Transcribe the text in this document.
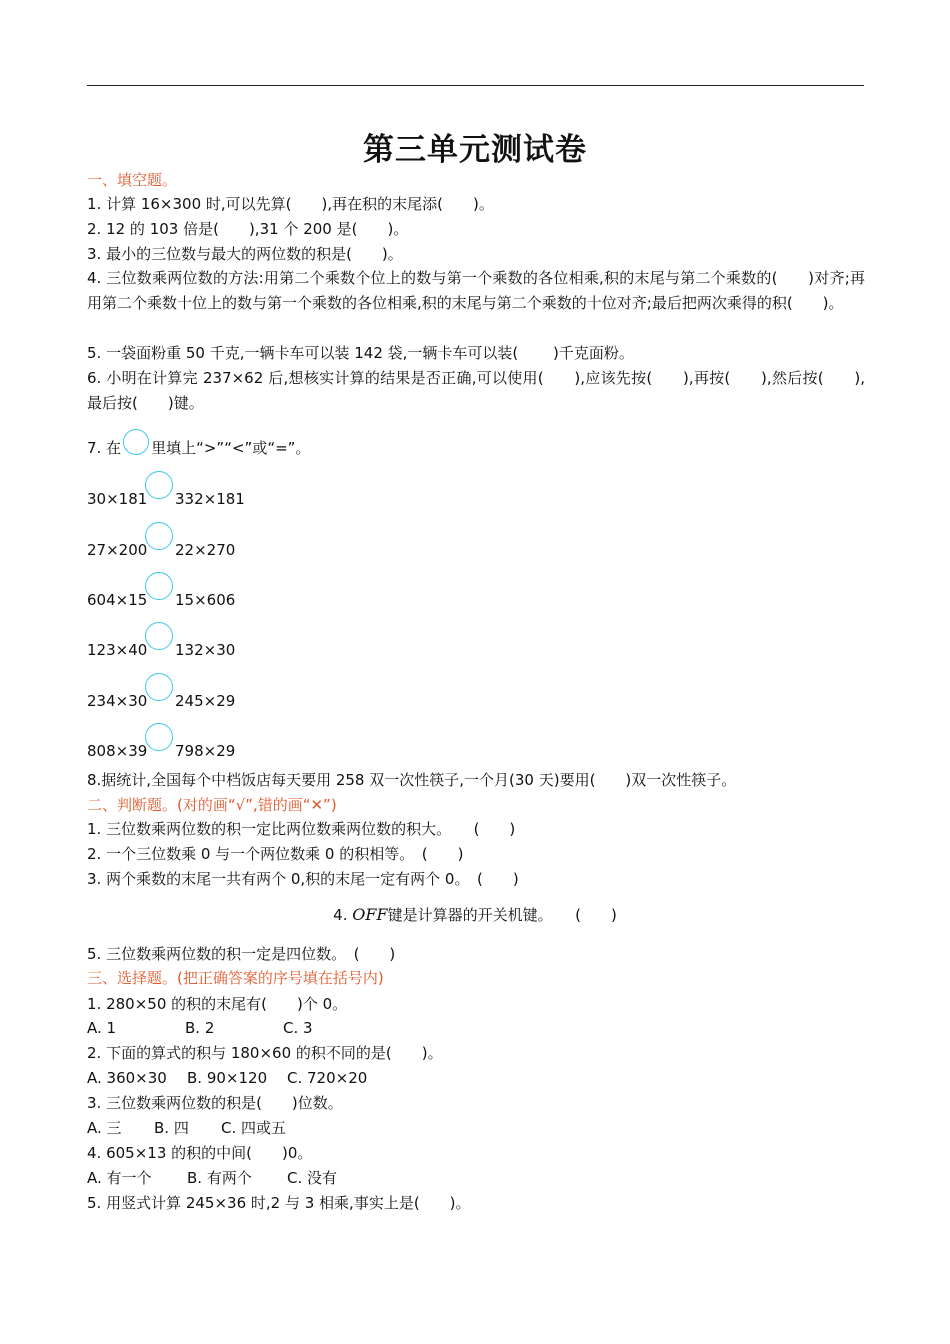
第三单元测试卷
一、填空题。
1. 计算 16×300 时,可以先算(　　),再在积的末尾添(　　)。
2. 12 的 103 倍是(　　),31 个 200 是(　　)。
3. 最小的三位数与最大的两位数的积是(　　)。
4. 三位数乘两位数的方法:用第二个乘数个位上的数与第一个乘数的各位相乘,积的末尾与第二个乘数的(　　)对齐;再用第二个乘数十位上的数与第一个乘数的各位相乘,积的末尾与第二个乘数的十位对齐;最后把两次乘得的积(　　)。
5. 一袋面粉重 50 千克,一辆卡车可以装 142 袋,一辆卡车可以装(　　 )千克面粉。
6. 小明在计算完 237×62 后,想核实计算的结果是否正确,可以使用(　　),应该先按(　　),再按(　　),然后按(　　),最后按(　　)键。
7. 在 里填上“>”“<”或“=”。
30×181 332×181
27×200 22×270
604×15 15×606
123×40 132×30
234×30 245×29
808×39 798×29
8.据统计,全国每个中档饭店每天要用 258 双一次性筷子,一个月(30 天)要用(　　)双一次性筷子。
二、判断题。(对的画“√”,错的画“✕”)
1. 三位数乘两位数的积一定比两位数乘两位数的积大。　　(　　)
2. 一个三位数乘 0 与一个两位数乘 0 的积相等。　(　　)
3. 两个乘数的末尾一共有两个 0,积的末尾一定有两个 0。　(　　)
4. OFF键是计算器的开关机键。　　(　　)
5. 三位数乘两位数的积一定是四位数。　(　　)
三、选择题。(把正确答案的序号填在括号内)
1. 280×50 的积的末尾有(　　)个 0。
A. 1	B. 2	C. 3
2. 下面的算式的积与 180×60 的积不同的是(　　)。
A. 360×30 B. 90×120 C. 720×20
3. 三位数乘两位数的积是(　　)位数。
A. 三 B. 四 C. 四或五
4. 605×13 的积的中间(　　)0。
A. 有一个 B. 有两个 C. 没有
5. 用竖式计算 245×36 时,2 与 3 相乘,事实上是(　　)。
